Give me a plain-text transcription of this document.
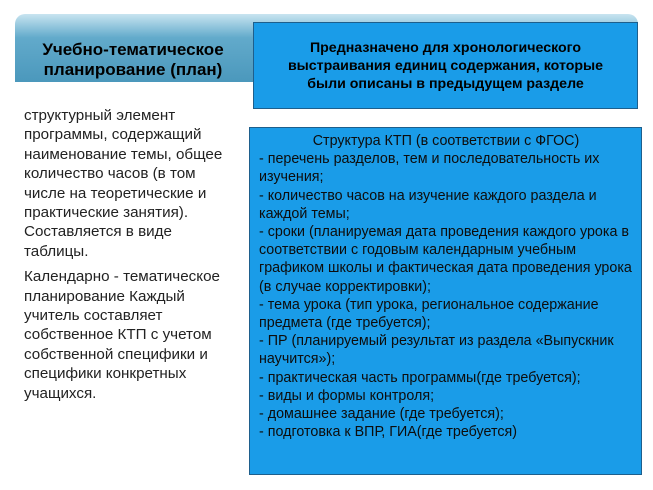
Учебно-тематическое планирование (план)

структурный элемент программы, содержащий наименование темы, общее количество часов (в том числе на теоретические и практические занятия). Составляется в виде таблицы.

Календарно - тематическое планирование Каждый учитель составляет собственное КТП с учетом собственной специфики и специфики конкретных учащихся.

Предназначено для хронологического выстраивания единиц содержания, которые были описаны в предыдущем разделе
Структура КТП (в соответствии с ФГОС)
- перечень разделов, тем и последовательность их изучения;
- количество часов на изучение каждого раздела и каждой темы;
- сроки (планируемая дата проведения каждого урока в соответствии с годовым календарным учебным графиком школы и фактическая дата проведения урока (в случае корректировки);
- тема урока (тип урока, региональное содержание предмета (где требуется);
- ПР (планируемый результат из раздела «Выпускник научится»);
- практическая часть программы(где требуется);
- виды и формы контроля;
- домашнее задание (где требуется);
- подготовка к ВПР, ГИА(где требуется)
